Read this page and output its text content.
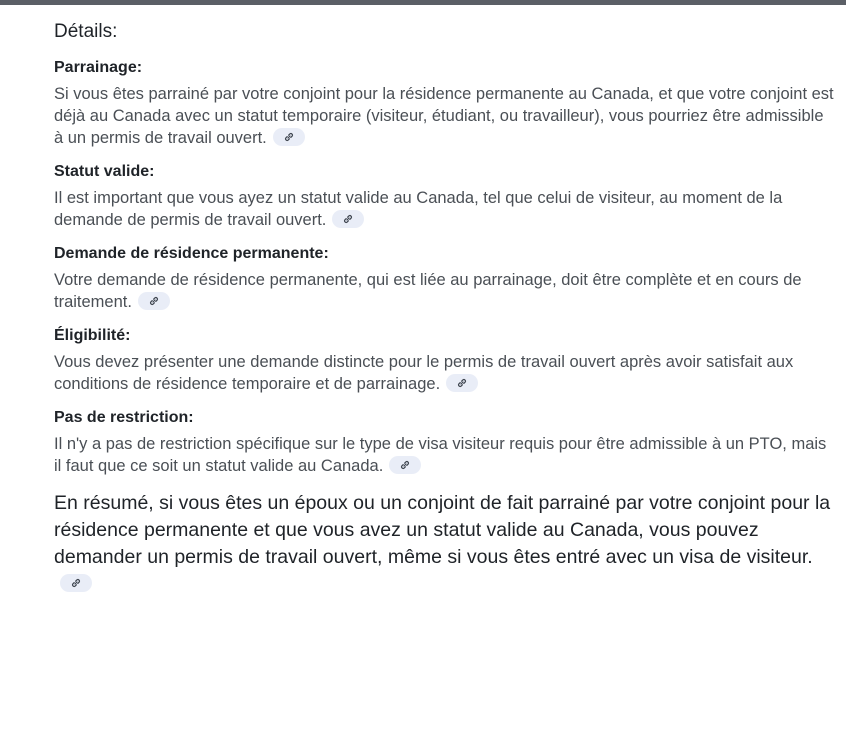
Détails:
Parrainage:

Si vous êtes parrainé par votre conjoint pour la résidence permanente au Canada, et que votre conjoint est déjà au Canada avec un statut temporaire (visiteur, étudiant, ou travailleur), vous pourriez être admissible à un permis de travail ouvert.

Statut valide:

Il est important que vous ayez un statut valide au Canada, tel que celui de visiteur, au moment de la demande de permis de travail ouvert.

Demande de résidence permanente:

Votre demande de résidence permanente, qui est liée au parrainage, doit être complète et en cours de traitement.

Éligibilité:

Vous devez présenter une demande distincte pour le permis de travail ouvert après avoir satisfait aux conditions de résidence temporaire et de parrainage.

Pas de restriction:

Il n'y a pas de restriction spécifique sur le type de visa visiteur requis pour être admissible à un PTO, mais il faut que ce soit un statut valide au Canada.

En résumé, si vous êtes un époux ou un conjoint de fait parrainé par votre conjoint pour la résidence permanente et que vous avez un statut valide au Canada, vous pouvez demander un permis de travail ouvert, même si vous êtes entré avec un visa de visiteur.
